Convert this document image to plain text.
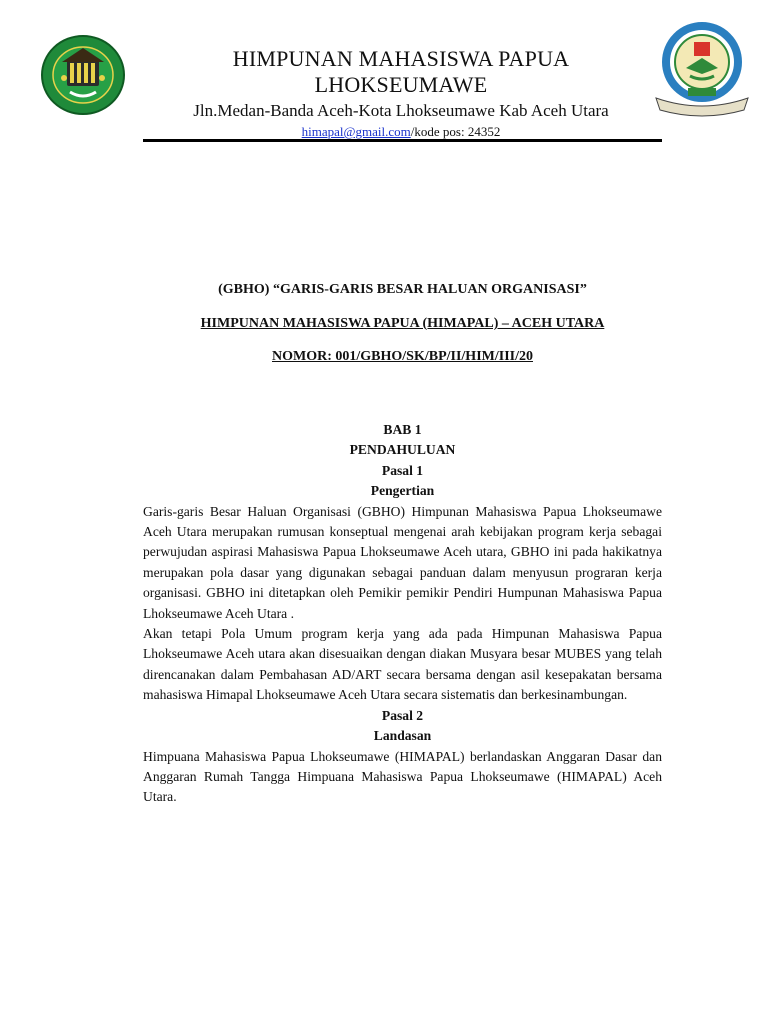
HIMPUNAN MAHASISWA PAPUA
LHOKSEUMAWE
Jln.Medan-Banda Aceh-Kota Lhokseumawe Kab Aceh Utara
himapal@gmail.com/kode pos: 24352
(GBHO) “GARIS-GARIS BESAR HALUAN ORGANISASI”
HIMPUNAN MAHASISWA PAPUA (HIMAPAL) – ACEH UTARA
NOMOR: 001/GBHO/SK/BP/II/HIM/III/20
BAB 1
PENDAHULUAN
Pasal 1
Pengertian

Garis-garis Besar Haluan Organisasi (GBHO) Himpunan Mahasiswa Papua Lhokseumawe Aceh Utara merupakan rumusan konseptual mengenai arah kebijakan program kerja sebagai perwujudan aspirasi Mahasiswa Papua Lhokseumawe Aceh utara, GBHO ini pada hakikatnya merupakan pola dasar yang digunakan sebagai panduan dalam menyusun prograran kerja organisasi. GBHO ini ditetapkan oleh Pemikir pemikir Pendiri Humpunan Mahasiswa Papua Lhokseumawe Aceh Utara .

Akan tetapi Pola Umum program kerja yang ada pada Himpunan Mahasiswa Papua Lhokseumawe Aceh utara akan disesuaikan dengan diakan Musyara besar MUBES yang telah direncanakan dalam Pembahasan AD/ART secara bersama dengan asil kesepakatan bersama mahasiswa Himapal Lhokseumawe Aceh Utara secara sistematis dan berkesinambungan.

Pasal 2
Landasan

Himpuana Mahasiswa Papua Lhokseumawe (HIMAPAL) berlandaskan Anggaran Dasar dan Anggaran Rumah Tangga Himpuana Mahasiswa Papua Lhokseumawe (HIMAPAL) Aceh Utara.
